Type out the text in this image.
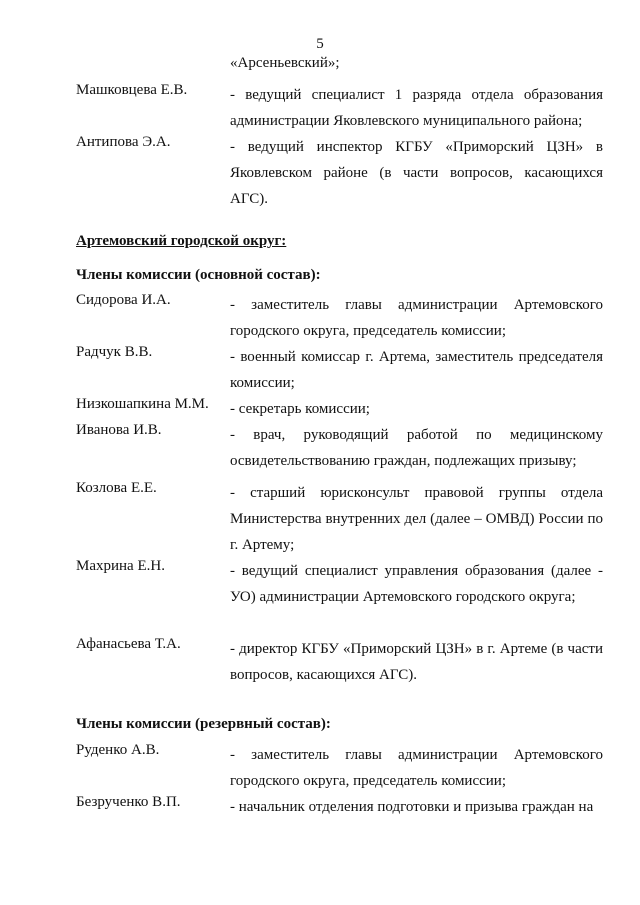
5
«Арсеньевский»;
Машковцева Е.В.	- ведущий специалист 1 разряда отдела образования администрации Яковлевского муниципального района;
Антипова Э.А.	- ведущий инспектор КГБУ «Приморский ЦЗН» в Яковлевском районе (в части вопросов, касающихся АГС).
Артемовский городской округ:
Члены комиссии (основной состав):
Сидорова И.А.	- заместитель главы администрации Артемовского городского округа, председатель комиссии;
Радчук В.В.	- военный комиссар г. Артема, заместитель председателя комиссии;
Низкошапкина М.М. - секретарь комиссии;
Иванова И.В.	- врач, руководящий работой по медицинскому освидетельствованию граждан, подлежащих призыву;
Козлова Е.Е.	- старший юрисконсульт правовой группы отдела Министерства внутренних дел (далее – ОМВД) России по г. Артему;
Махрина Е.Н.	- ведущий специалист управления образования (далее - УО) администрации Артемовского городского округа;
Афанасьева Т.А.	- директор КГБУ «Приморский ЦЗН» в г. Артеме (в части вопросов, касающихся АГС).
Члены комиссии (резервный состав):
Руденко А.В.	- заместитель главы администрации Артемовского городского округа, председатель комиссии;
Безрученко В.П.	- начальник отделения подготовки и призыва граждан на
